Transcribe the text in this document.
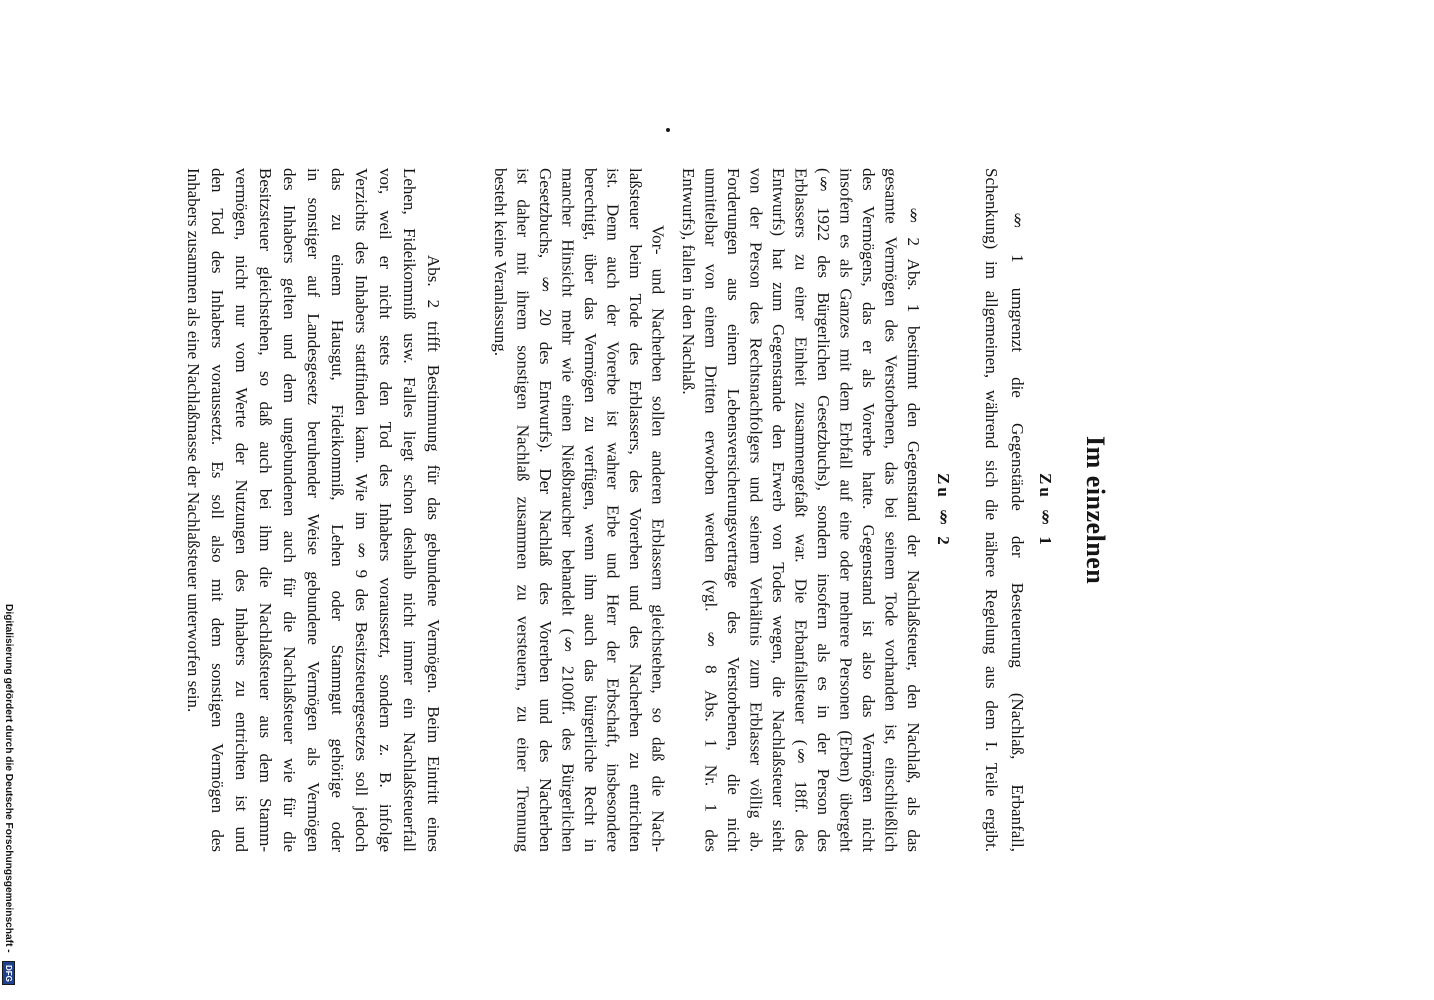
Im einzelnen
Zu § 1
§ 1 umgrenzt die Gegenstände der Besteuerung (Nachlaß, Erbanfall,
Schenkung) im allgemeinen, während sich die nähere Regelung aus dem I. Teile ergibt.
Zu § 2
§ 2 Abs. 1 bestimmt den Gegenstand der Nachlaßsteuer, den Nachlaß, als das
gesamte Vermögen des Verstorbenen, das bei seinem Tode vorhanden ist, einschließlich
des Vermögens, das er als Vorerbe hatte. Gegenstand ist also das Vermögen nicht
insofern es als Ganzes mit dem Erbfall auf eine oder mehrere Personen (Erben) übergeht
(§ 1922 des Bürgerlichen Gesetzbuchs), sondern insofern als es in der Person des
Erblassers zu einer Einheit zusammengefaßt war. Die Erbanfallsteuer (§ 18ff. des
Entwurfs) hat zum Gegenstande den Erwerb von Todes wegen, die Nachlaßsteuer sieht
von der Person des Rechtsnachfolgers und seinem Verhältnis zum Erblasser völlig ab.
Forderungen aus einem Lebensversicherungsvertrage des Verstorbenen, die nicht
unmittelbar von einem Dritten erworben werden (vgl. § 8 Abs. 1 Nr. 1 des
Entwurfs), fallen in den Nachlaß.
Vor- und Nacherben sollen anderen Erblassern gleichstehen, so daß die Nach-
laßsteuer beim Tode des Erblassers, des Vorerben und des Nacherben zu entrichten
ist. Denn auch der Vorerbe ist wahrer Erbe und Herr der Erbschaft, insbesondere
berechtigt, über das Vermögen zu verfügen, wenn ihm auch das bürgerliche Recht in
mancher Hinsicht mehr wie einen Nießbraucher behandelt (§ 2100ff. des Bürgerlichen
Gesetzbuchs, § 20 des Entwurfs). Der Nachlaß des Vorerben und des Nacherben
ist daher mit ihrem sonstigen Nachlaß zusammen zu versteuern, zu einer Trennung
besteht keine Veranlassung.
Abs. 2 trifft Bestimmung für das gebundene Vermögen. Beim Eintritt eines
Lehen, Fideikommiß usw. Falles liegt schon deshalb nicht immer ein Nachlaßsteuerfall
vor, weil er nicht stets den Tod des Inhabers voraussetzt, sondern z. B. infolge
Verzichts des Inhabers stattfinden kann. Wie im § 9 des Besitzsteuergesetzes soll jedoch
das zu einem Hausgut, Fideikommiß, Lehen oder Stammgut gehörige oder
in sonstiger auf Landesgesetz beruhender Weise gebundene Vermögen als Vermögen
des Inhabers gelten und dem ungebundenen auch für die Nachlaßsteuer wie für die
Besitzsteuer gleichstehen, so daß auch bei ihm die Nachlaßsteuer aus dem Stamm-
vermögen, nicht nur vom Werte der Nutzungen des Inhabers zu entrichten ist und
den Tod des Inhabers voraussetzt. Es soll also mit dem sonstigen Vermögen des
Inhabers zusammen als eine Nachlaßmasse der Nachlaßsteuer unterworfen sein.
Digitalisierung gefördert durch die Deutsche Forschungsgemeinschaft - DFG
